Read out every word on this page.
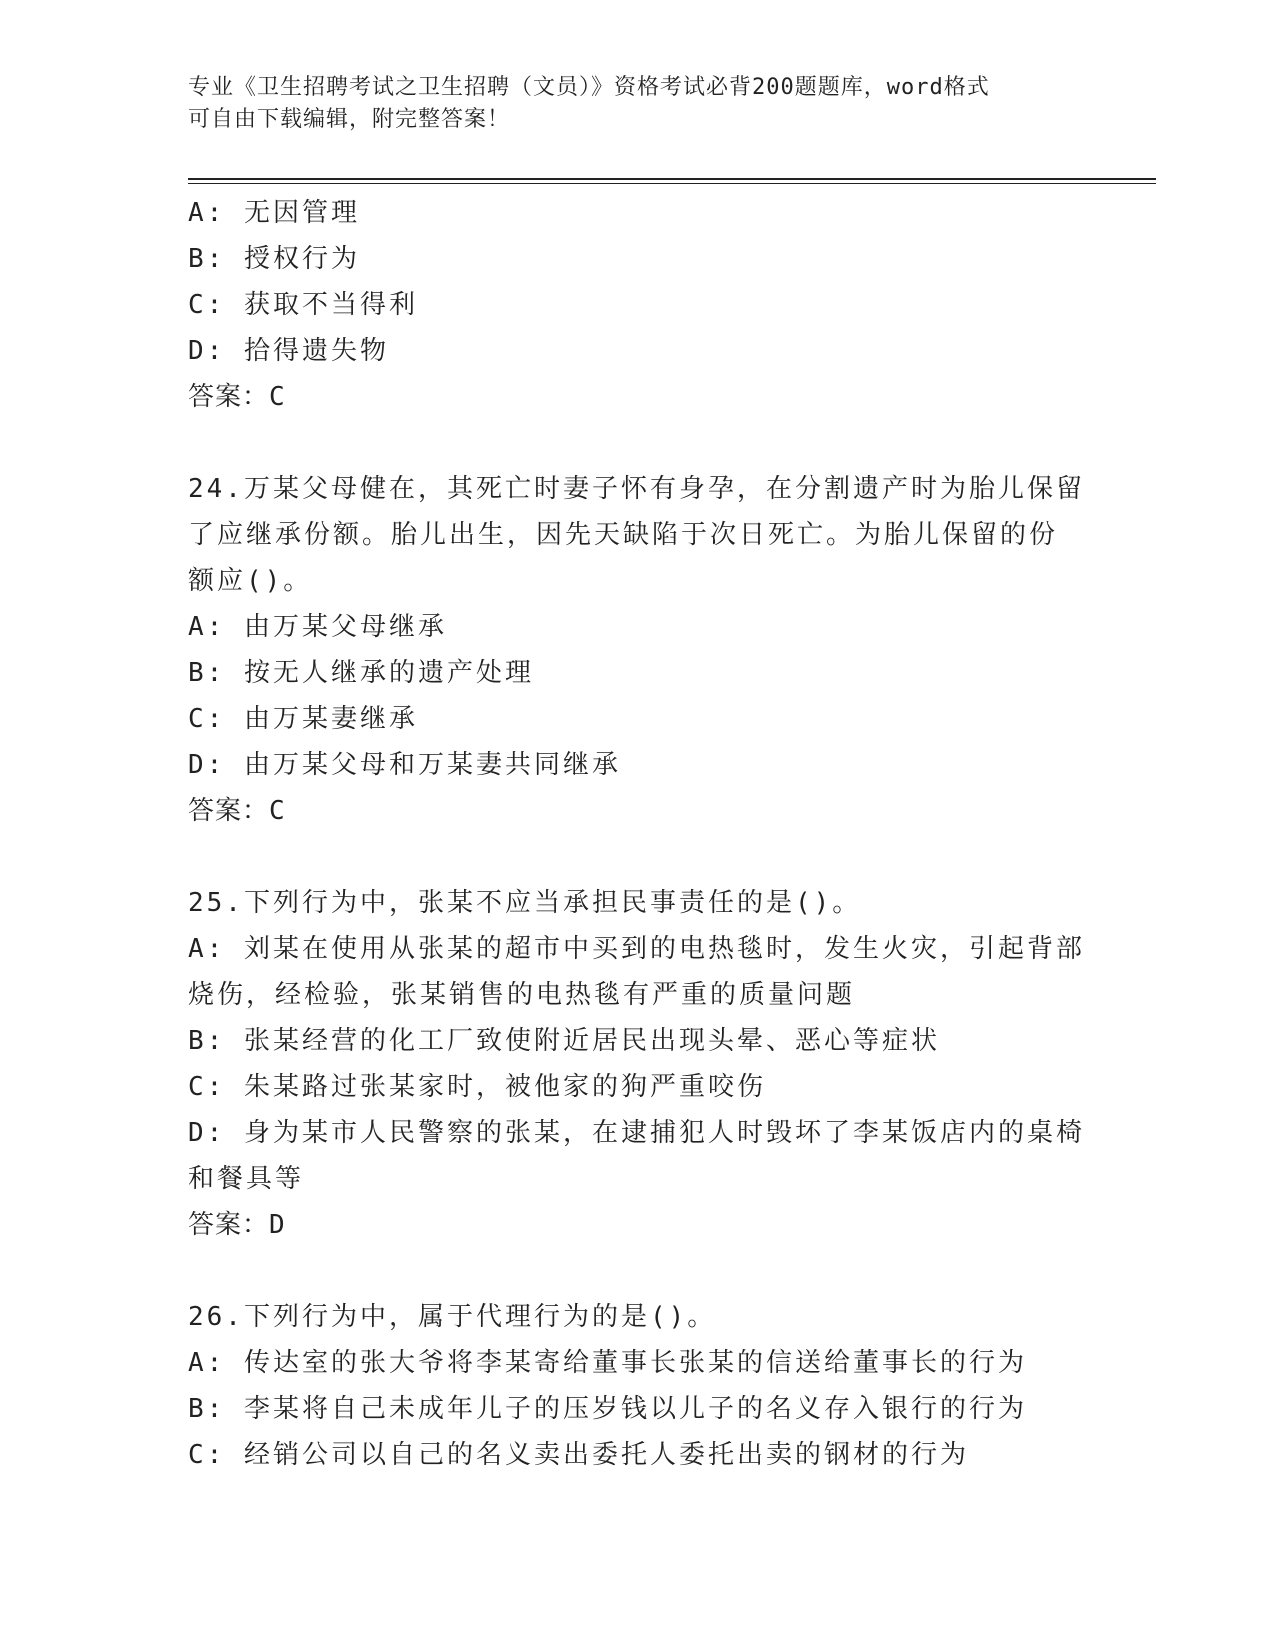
专业《卫生招聘考试之卫生招聘（文员）》资格考试必背200题题库，word格式
可自由下载编辑，附完整答案！
A: 无因管理
B: 授权行为
C: 获取不当得利
D: 拾得遗失物
答案：C
24.万某父母健在，其死亡时妻子怀有身孕，在分割遗产时为胎儿保留
了应继承份额。胎儿出生，因先天缺陷于次日死亡。为胎儿保留的份
额应()。
A: 由万某父母继承
B: 按无人继承的遗产处理
C: 由万某妻继承
D: 由万某父母和万某妻共同继承
答案：C
25.下列行为中，张某不应当承担民事责任的是()。
A: 刘某在使用从张某的超市中买到的电热毯时，发生火灾，引起背部
烧伤，经检验，张某销售的电热毯有严重的质量问题
B: 张某经营的化工厂致使附近居民出现头晕、恶心等症状
C: 朱某路过张某家时，被他家的狗严重咬伤
D: 身为某市人民警察的张某，在逮捕犯人时毁坏了李某饭店内的桌椅
和餐具等
答案：D
26.下列行为中，属于代理行为的是()。
A: 传达室的张大爷将李某寄给董事长张某的信送给董事长的行为
B: 李某将自己未成年儿子的压岁钱以儿子的名义存入银行的行为
C: 经销公司以自己的名义卖出委托人委托出卖的钢材的行为
